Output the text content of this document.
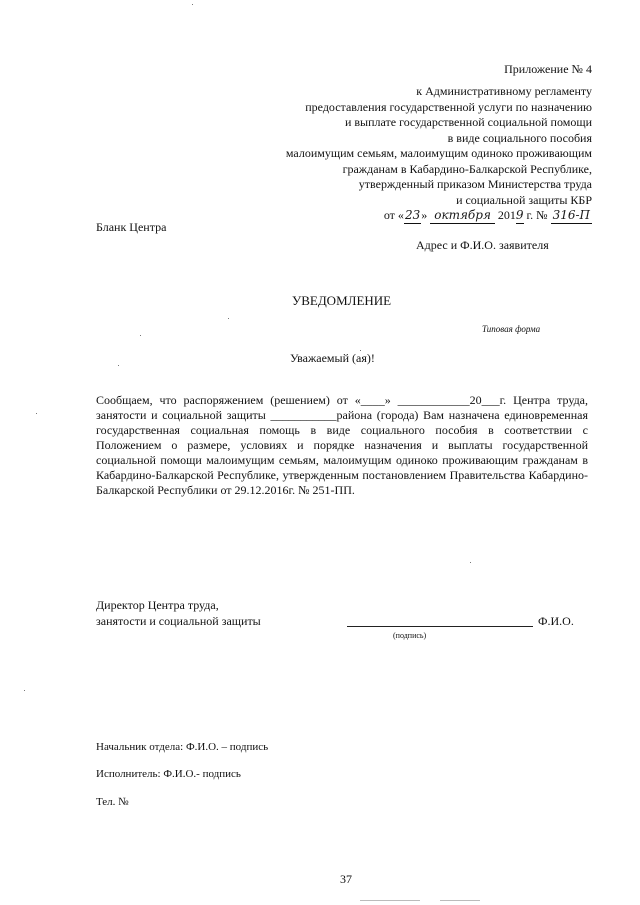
Приложение № 4
к Административному регламенту
предоставления государственной услуги по назначению
и выплате государственной социальной помощи
в виде социального пособия
малоимущим семьям, малоимущим одиноко проживающим
гражданам в Кабардино-Балкарской Республике,
утвержденный приказом Министерства труда
и социальной защиты КБР
от «23» октября 2019 г. № 316-П
Бланк Центра
Адрес и Ф.И.О. заявителя
УВЕДОМЛЕНИЕ
Типовая форма
Уважаемый (ая)!
Сообщаем, что распоряжением (решением) от «____» ____________20___г. Центра труда, занятости и социальной защиты ___________района (города) Вам назначена единовременная государственная социальная помощь в виде социального пособия в соответствии с Положением о размере, условиях и порядке назначения и выплаты государственной социальной помощи малоимущим семьям, малоимущим одиноко проживающим гражданам в Кабардино-Балкарской Республике, утвержденным постановлением Правительства Кабардино-Балкарской Республики от 29.12.2016г. № 251-ПП.
Директор Центра труда,
занятости и социальной защиты	Ф.И.О.
(подпись)
Начальник отдела: Ф.И.О. – подпись
Исполнитель: Ф.И.О.- подпись
Тел. №
37
